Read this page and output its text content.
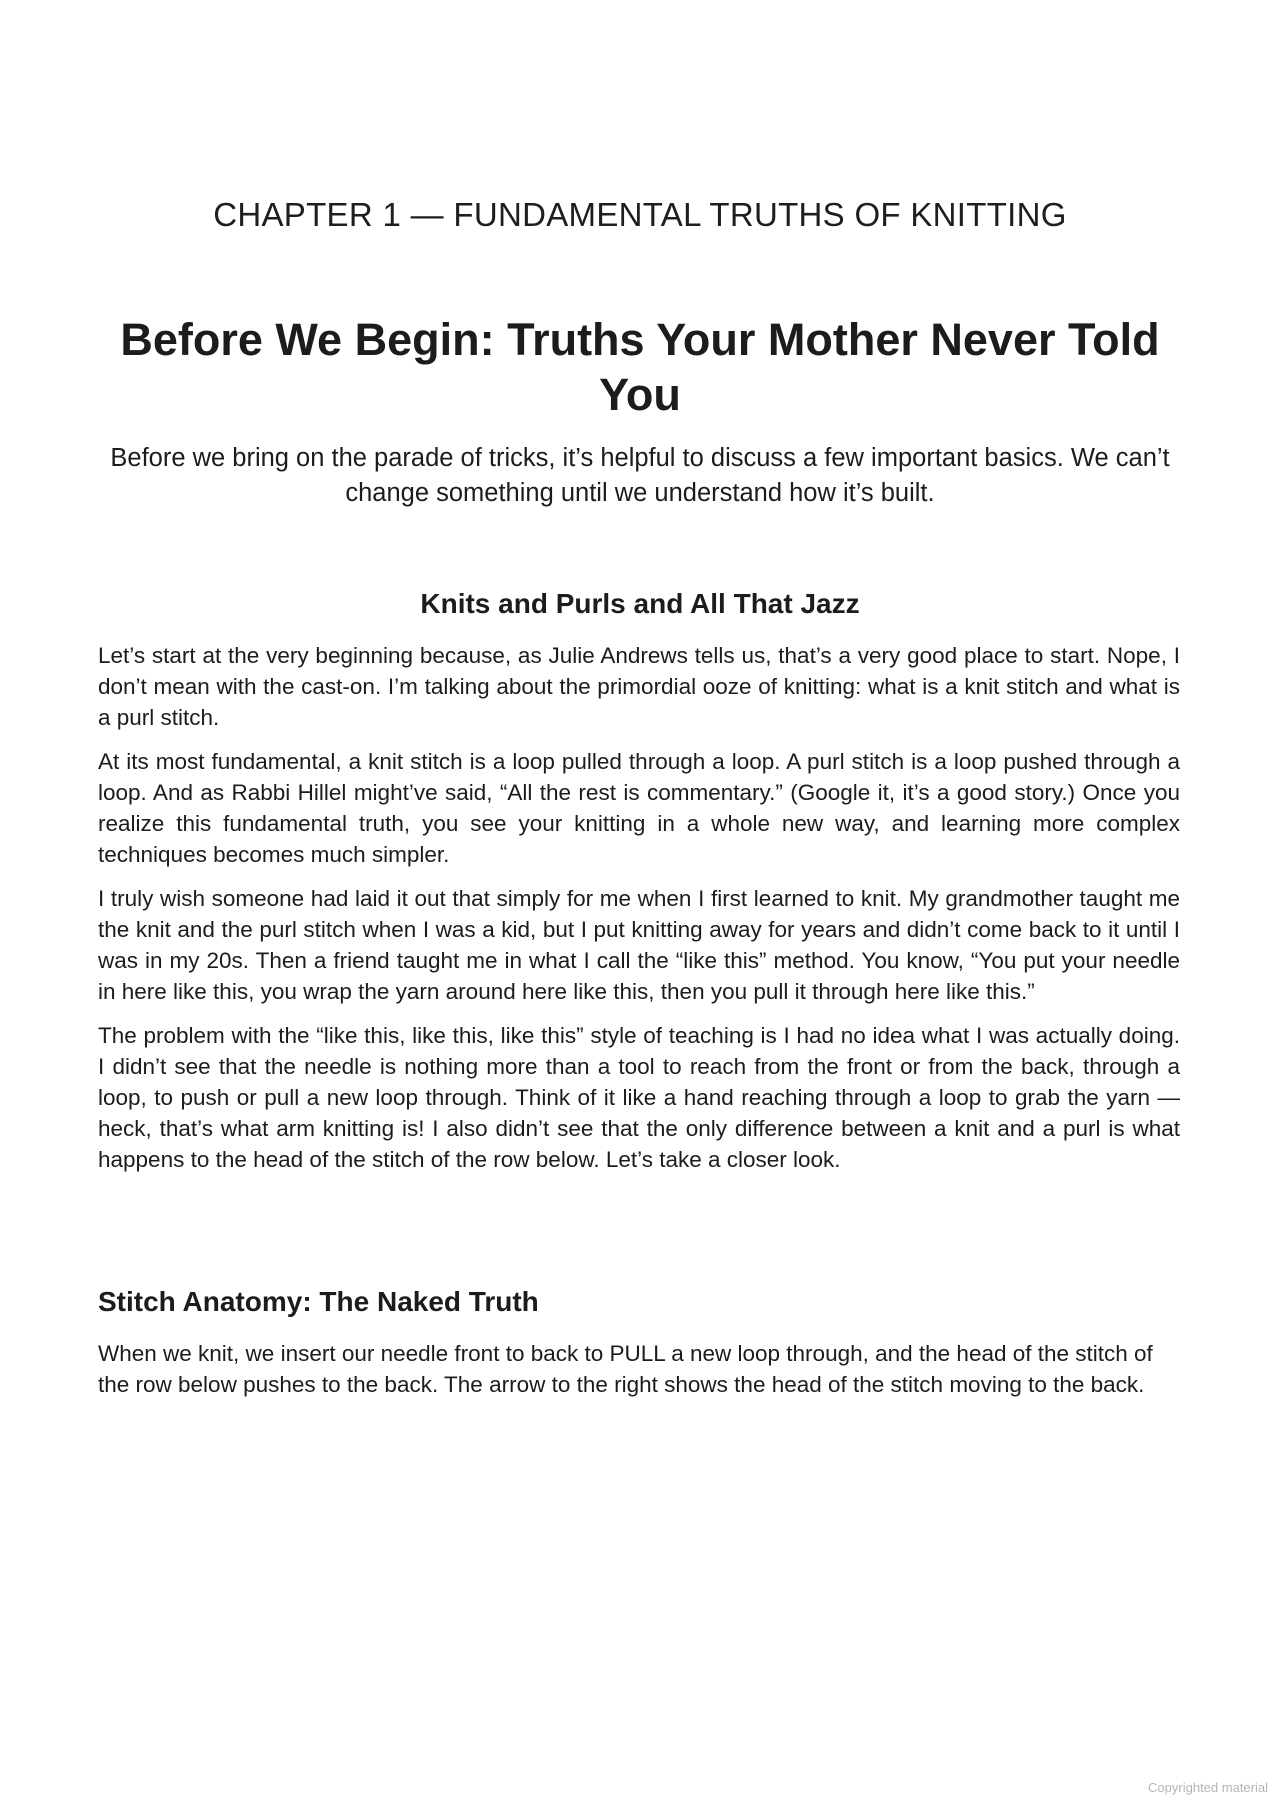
CHAPTER 1 — FUNDAMENTAL TRUTHS OF KNITTING
Before We Begin: Truths Your Mother Never Told You

Before we bring on the parade of tricks, it’s helpful to discuss a few important basics. We can’t change something until we understand how it’s built.

Knits and Purls and All That Jazz

Let’s start at the very beginning because, as Julie Andrews tells us, that’s a very good place to start. Nope, I don’t mean with the cast-on. I’m talking about the primordial ooze of knitting: what is a knit stitch and what is a purl stitch.

At its most fundamental, a knit stitch is a loop pulled through a loop. A purl stitch is a loop pushed through a loop. And as Rabbi Hillel might’ve said, “All the rest is commentary.” (Google it, it’s a good story.) Once you realize this fundamental truth, you see your knitting in a whole new way, and learning more complex techniques becomes much simpler.

I truly wish someone had laid it out that simply for me when I first learned to knit. My grandmother taught me the knit and the purl stitch when I was a kid, but I put knitting away for years and didn’t come back to it until I was in my 20s. Then a friend taught me in what I call the “like this” method. You know, “You put your needle in here like this, you wrap the yarn around here like this, then you pull it through here like this.”

The problem with the “like this, like this, like this” style of teaching is I had no idea what I was actually doing. I didn’t see that the needle is nothing more than a tool to reach from the front or from the back, through a loop, to push or pull a new loop through. Think of it like a hand reaching through a loop to grab the yarn — heck, that’s what arm knitting is! I also didn’t see that the only difference between a knit and a purl is what happens to the head of the stitch of the row below. Let’s take a closer look.

Stitch Anatomy: The Naked Truth

When we knit, we insert our needle front to back to PULL a new loop through, and the head of the stitch of the row below pushes to the back. The arrow to the right shows the head of the stitch moving to the back.

Copyrighted material
